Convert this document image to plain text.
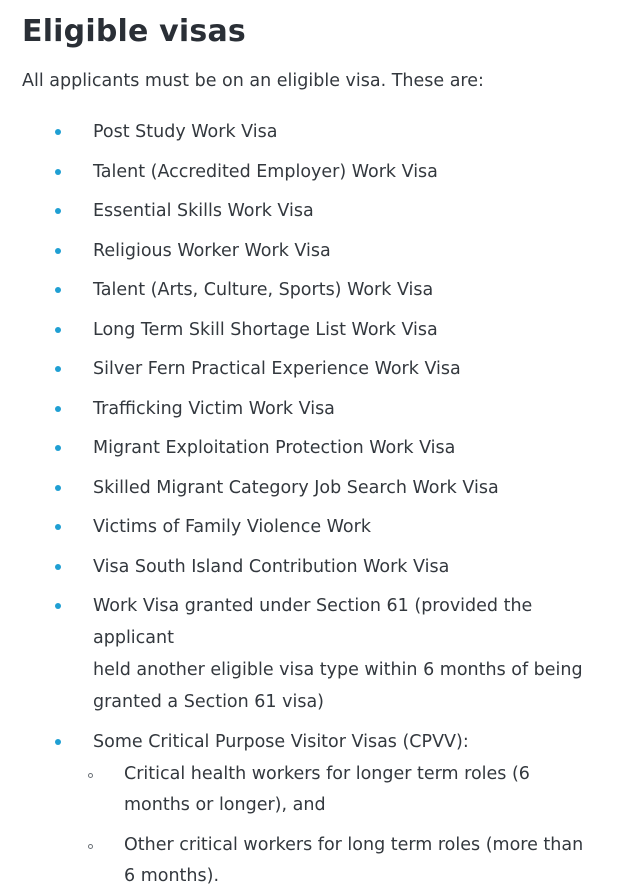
Eligible visas

All applicants must be on an eligible visa. These are:

Post Study Work Visa
Talent (Accredited Employer) Work Visa
Essential Skills Work Visa
Religious Worker Work Visa
Talent (Arts, Culture, Sports) Work Visa
Long Term Skill Shortage List Work Visa
Silver Fern Practical Experience Work Visa
Trafficking Victim Work Visa
Migrant Exploitation Protection Work Visa
Skilled Migrant Category Job Search Work Visa
Victims of Family Violence Work
Visa South Island Contribution Work Visa
Work Visa granted under Section 61 (provided the applicant
held another eligible visa type within 6 months of being
granted a Section 61 visa)
Some Critical Purpose Visitor Visas (CPVV):
Critical health workers for longer term roles (6
months or longer), and
Other critical workers for long term roles (more than
6 months).
